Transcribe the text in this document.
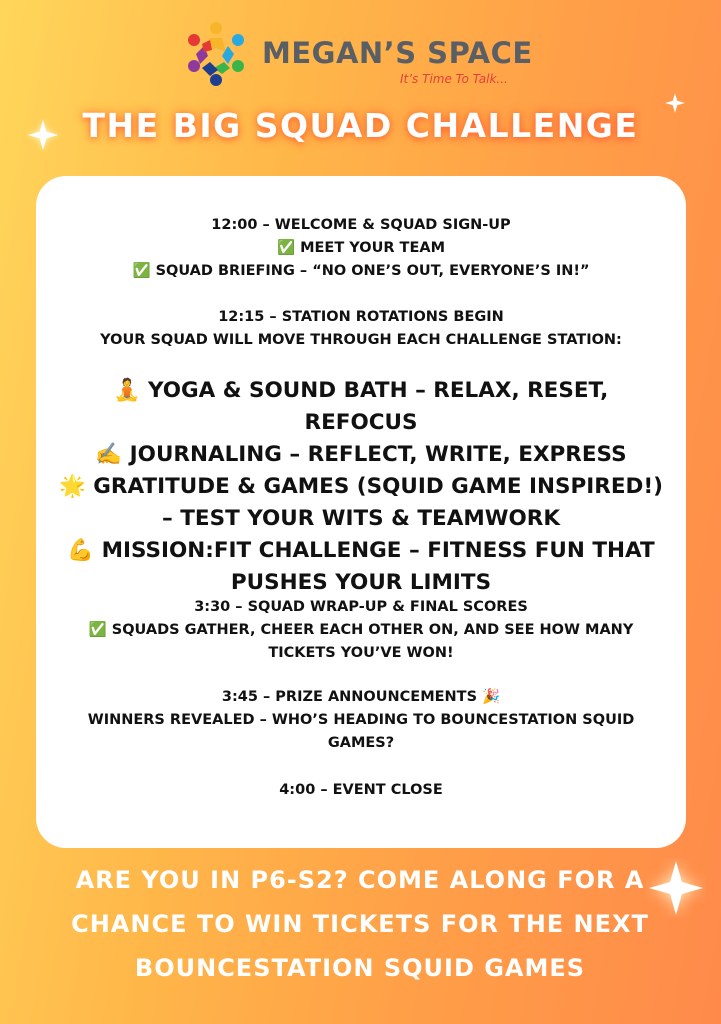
MEGAN’S SPACE
It’s Time To Talk...
THE BIG SQUAD CHALLENGE
12:00 – WELCOME & SQUAD SIGN-UP
✅ MEET YOUR TEAM
✅ SQUAD BRIEFING – “NO ONE’S OUT, EVERYONE’S IN!”
12:15 – STATION ROTATIONS BEGIN
YOUR SQUAD WILL MOVE THROUGH EACH CHALLENGE STATION:
🧘 YOGA & SOUND BATH – RELAX, RESET, REFOCUS
✍️ JOURNALING – REFLECT, WRITE, EXPRESS
🌟 GRATITUDE & GAMES (SQUID GAME INSPIRED!) – TEST YOUR WITS & TEAMWORK
💪 MISSION:FIT CHALLENGE – FITNESS FUN THAT PUSHES YOUR LIMITS
3:30 – SQUAD WRAP-UP & FINAL SCORES
✅ SQUADS GATHER, CHEER EACH OTHER ON, AND SEE HOW MANY TICKETS YOU’VE WON!
3:45 – PRIZE ANNOUNCEMENTS 🎉
WINNERS REVEALED – WHO’S HEADING TO BOUNCESTATION SQUID GAMES?
4:00 – EVENT CLOSE
ARE YOU IN P6-S2? COME ALONG FOR A CHANCE TO WIN TICKETS FOR THE NEXT BOUNCESTATION SQUID GAMES
